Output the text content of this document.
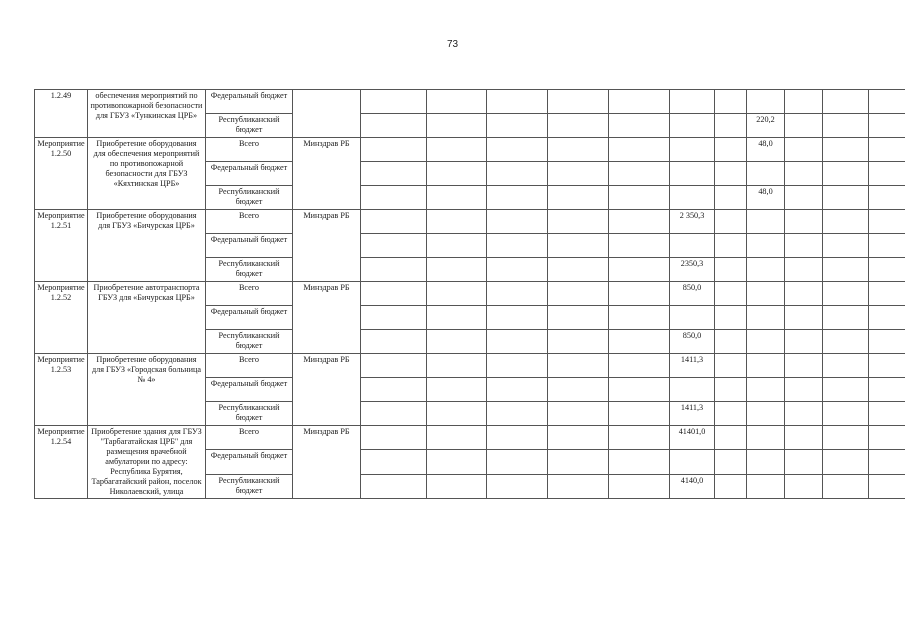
73
1.2.49	обеспечения мероприятий по противопожарной безопасности для ГБУЗ «Тункинская ЦРБ»	Федеральный бюджет												
		Республиканский бюджет									220,2			
Мероприятие 1.2.50	Приобретение оборудования для обеспечения мероприятий по противопожарной безопасности для ГБУЗ «Кяхтинская ЦРБ»	Всего	Минздрав РБ								48,0			
		Федеральный бюджет												
		Республиканский бюджет									48,0			
Мероприятие 1.2.51	Приобретение оборудования для ГБУЗ «Бичурская ЦРБ»	Всего	Минздрав РБ						2 350,3					
		Федеральный бюджет												
		Республиканский бюджет							2350,3					
Мероприятие 1.2.52	Приобретение автотранспорта ГБУЗ для «Бичурская ЦРБ»	Всего	Минздрав РБ						850,0					
		Федеральный бюджет												
		Республиканский бюджет							850,0					
Мероприятие 1.2.53	Приобретение оборудования для ГБУЗ «Городская больница № 4»	Всего	Минздрав РБ						1411,3					
		Федеральный бюджет												
		Республиканский бюджет							1411,3					
Мероприятие 1.2.54	Приобретение здания для ГБУЗ "Тарбагатайская ЦРБ" для размещения врачебной амбулатории по адресу: Республика Бурятия, Тарбагатайский район, поселок Николаевский, улица	Всего	Минздрав РБ						41401,0					
		Федеральный бюджет												
		Республиканский бюджет							4140,0					
